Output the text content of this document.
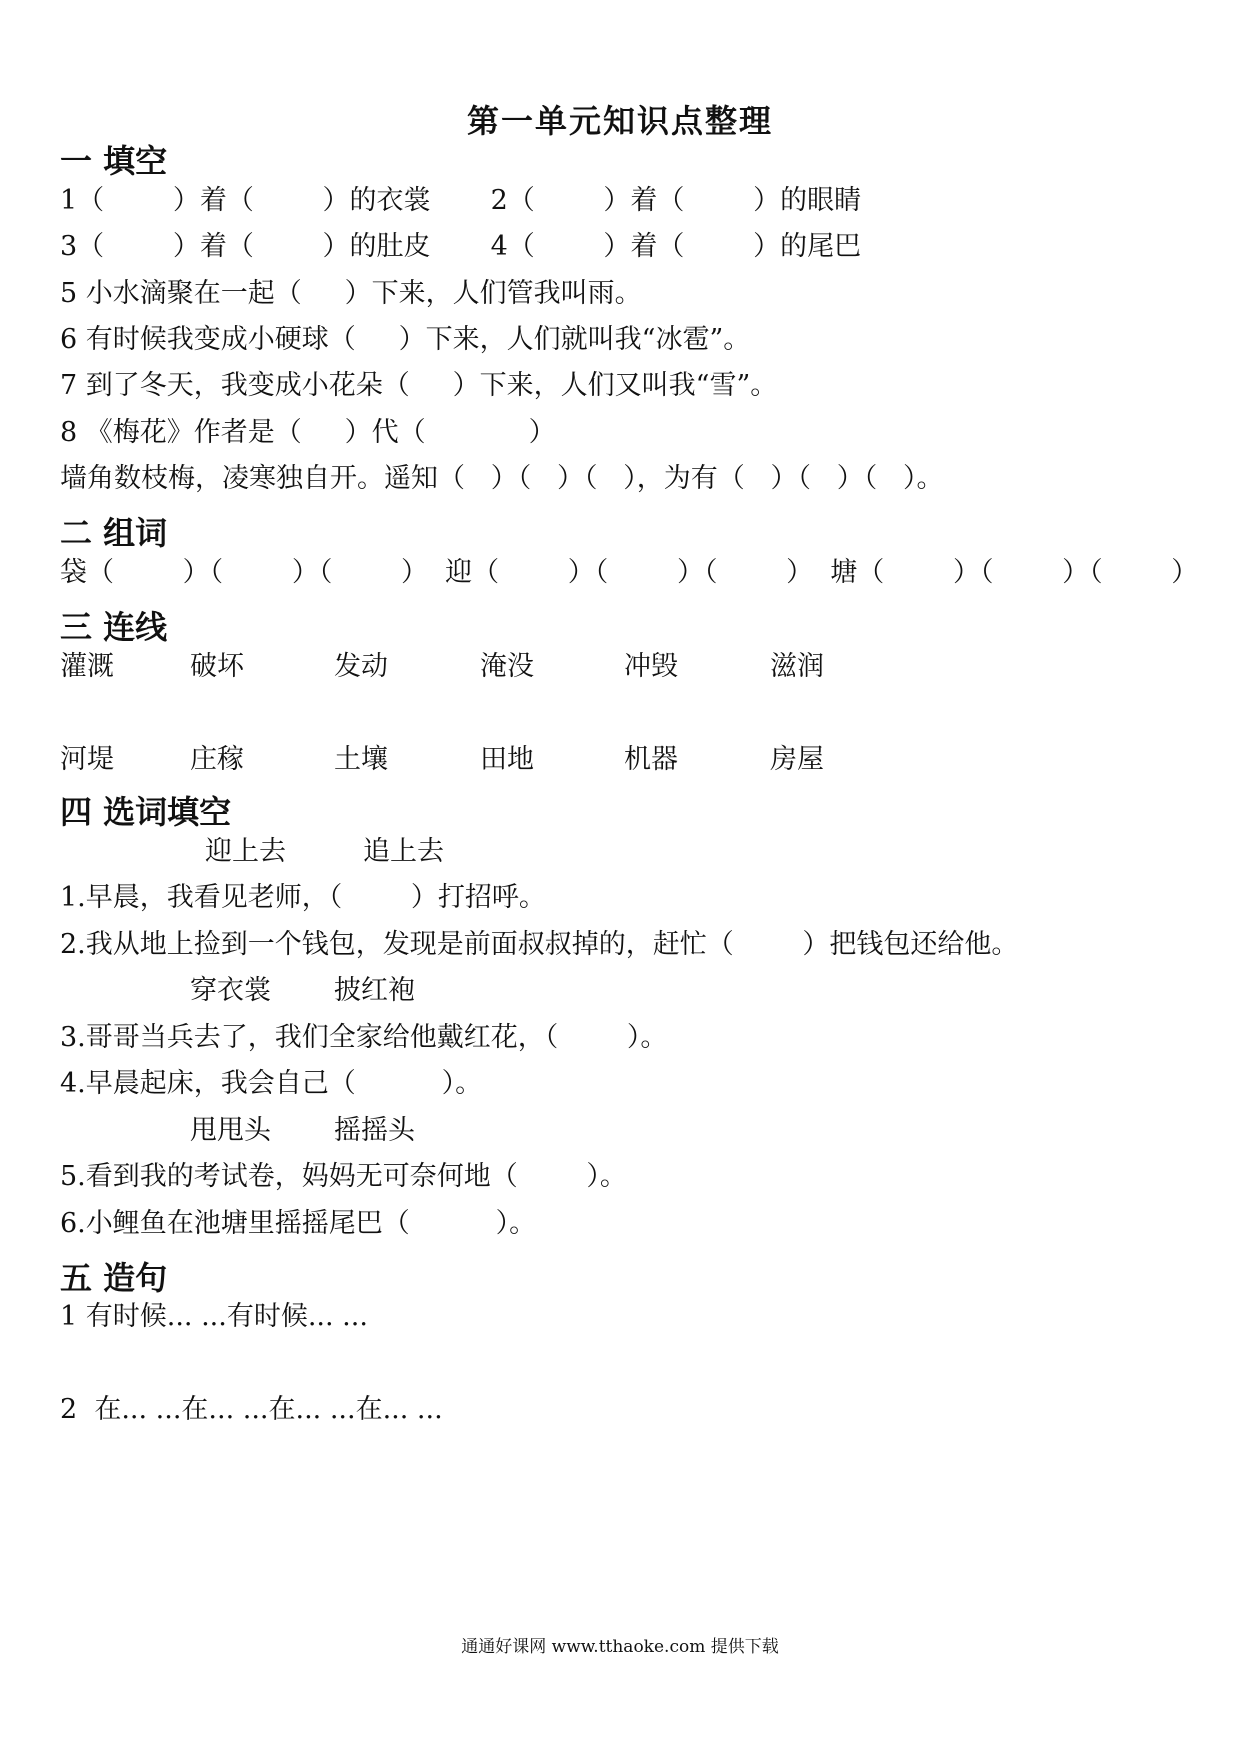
第一单元知识点整理
一 填空
1（        ）着（        ）的衣裳       2（        ）着（        ）的眼睛
3（        ）着（        ）的肚皮       4（        ）着（        ）的尾巴
5 小水滴聚在一起（     ）下来，人们管我叫雨。
6 有时候我变成小硬球（     ）下来，人们就叫我“冰雹”。
7 到了冬天，我变成小花朵（     ）下来，人们又叫我“雪”。
8 《梅花》作者是（     ）代（            ）
墙角数枝梅，凌寒独自开。遥知（   ）（   ）（   ），为有（   ）（   ）（   ）。
二 组词
袋（        ）（        ）（        ）  迎（        ）（        ）（        ）  塘（        ）（        ）（        ）
三 连线
灌溉	破坏	发动	淹没	冲毁	滋润
河堤	庄稼	土壤	田地	机器	房屋
四 选词填空
迎上去	追上去
1.早晨，我看见老师，（        ）打招呼。
2.我从地上捡到一个钱包，发现是前面叔叔掉的，赶忙（        ）把钱包还给他。
穿衣裳 披红袍
3.哥哥当兵去了，我们全家给他戴红花，（        ）。
4.早晨起床，我会自己（          ）。
甩甩头 摇摇头
5.看到我的考试卷，妈妈无可奈何地（        ）。
6.小鲤鱼在池塘里摇摇尾巴（          ）。
五 造句
1 有时候... ...有时候... ...
2  在... ...在... ...在... ...在... ...
通通好课网 www.tthaoke.com 提供下载
